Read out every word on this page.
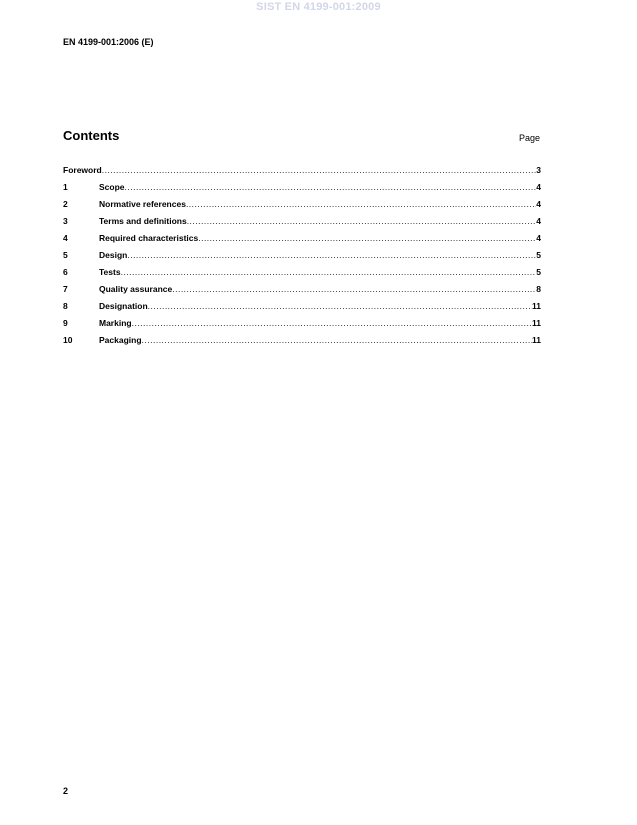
SIST EN 4199-001:2009
EN 4199-001:2006 (E)
Contents	Page
Foreword .....	3
1	Scope .....	4
2	Normative references .....	4
3	Terms and definitions .....	4
4	Required characteristics .....	4
5	Design .....	5
6	Tests .....	5
7	Quality assurance .....	8
8	Designation .....	11
9	Marking .....	11
10	Packaging .....	11
2
